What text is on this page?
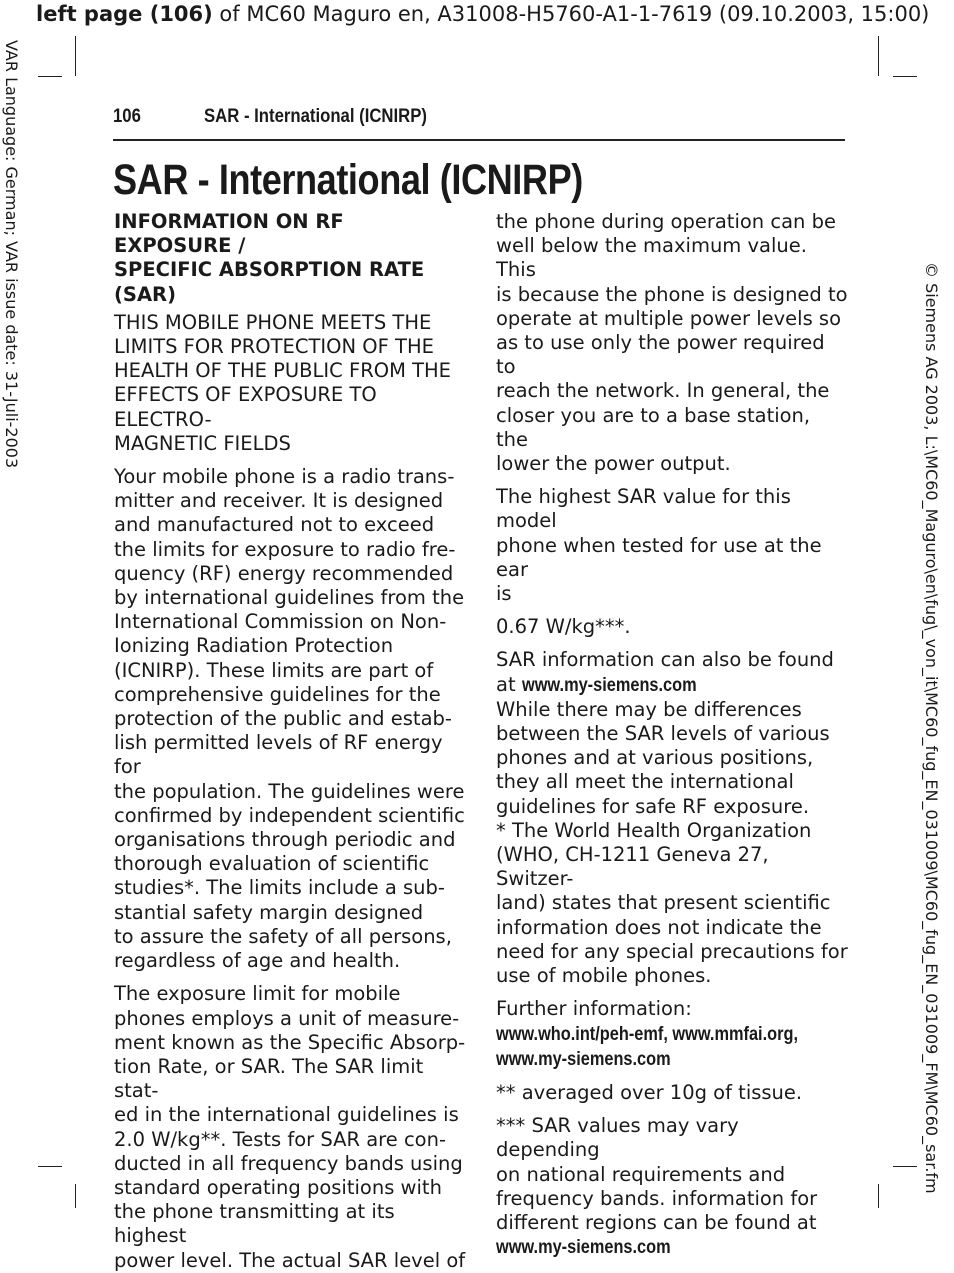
left page (106) of MC60 Maguro en, A31008-H5760-A1-1-7619 (09.10.2003, 15:00)
VAR Language: German; VAR issue date: 31-Juli-2003
© Siemens AG 2003, L:\MC60_Maguro\en\fug\_von_it\MC60_fug_EN_031009\MC60_fug_EN_031009_FM\MC60_sar.fm
106	SAR - International (ICNIRP)
SAR - International (ICNIRP)

INFORMATION ON RF EXPOSURE /
SPECIFIC ABSORPTION RATE (SAR)

THIS MOBILE PHONE MEETS THE
LIMITS FOR PROTECTION OF THE
HEALTH OF THE PUBLIC FROM THE
EFFECTS OF EXPOSURE TO ELECTRO-
MAGNETIC FIELDS

Your mobile phone is a radio trans-
mitter and receiver. It is designed
and manufactured not to exceed
the limits for exposure to radio fre-
quency (RF) energy recommended
by international guidelines from the
International Commission on Non-
Ionizing Radiation Protection
(ICNIRP). These limits are part of
comprehensive guidelines for the
protection of the public and estab-
lish permitted levels of RF energy for
the population. The guidelines were
confirmed by independent scientific
organisations through periodic and
thorough evaluation of scientific
studies*. The limits include a sub-
stantial safety margin designed
to assure the safety of all persons,
regardless of age and health.

The exposure limit for mobile
phones employs a unit of measure-
ment known as the Specific Absorp-
tion Rate, or SAR. The SAR limit stat-
ed in the international guidelines is
2.0 W/kg**. Tests for SAR are con-
ducted in all frequency bands using
standard operating positions with
the phone transmitting at its highest
power level. The actual SAR level of

the phone during operation can be
well below the maximum value. This
is because the phone is designed to
operate at multiple power levels so
as to use only the power required to
reach the network. In general, the
closer you are to a base station, the
lower the power output.

The highest SAR value for this model
phone when tested for use at the ear
is

0.67 W/kg***.

SAR information can also be found
at www.my-siemens.com

While there may be differences
between the SAR levels of various
phones and at various positions,
they all meet the international
guidelines for safe RF exposure.

* The World Health Organization
(WHO, CH-1211 Geneva 27, Switzer-
land) states that present scientific
information does not indicate the
need for any special precautions for
use of mobile phones.

Further information:

www.who.int/peh-emf, www.mmfai.org,
www.my-siemens.com

** averaged over 10g of tissue.

*** SAR values may vary depending
on national requirements and
frequency bands. information for
different regions can be found at

www.my-siemens.com
